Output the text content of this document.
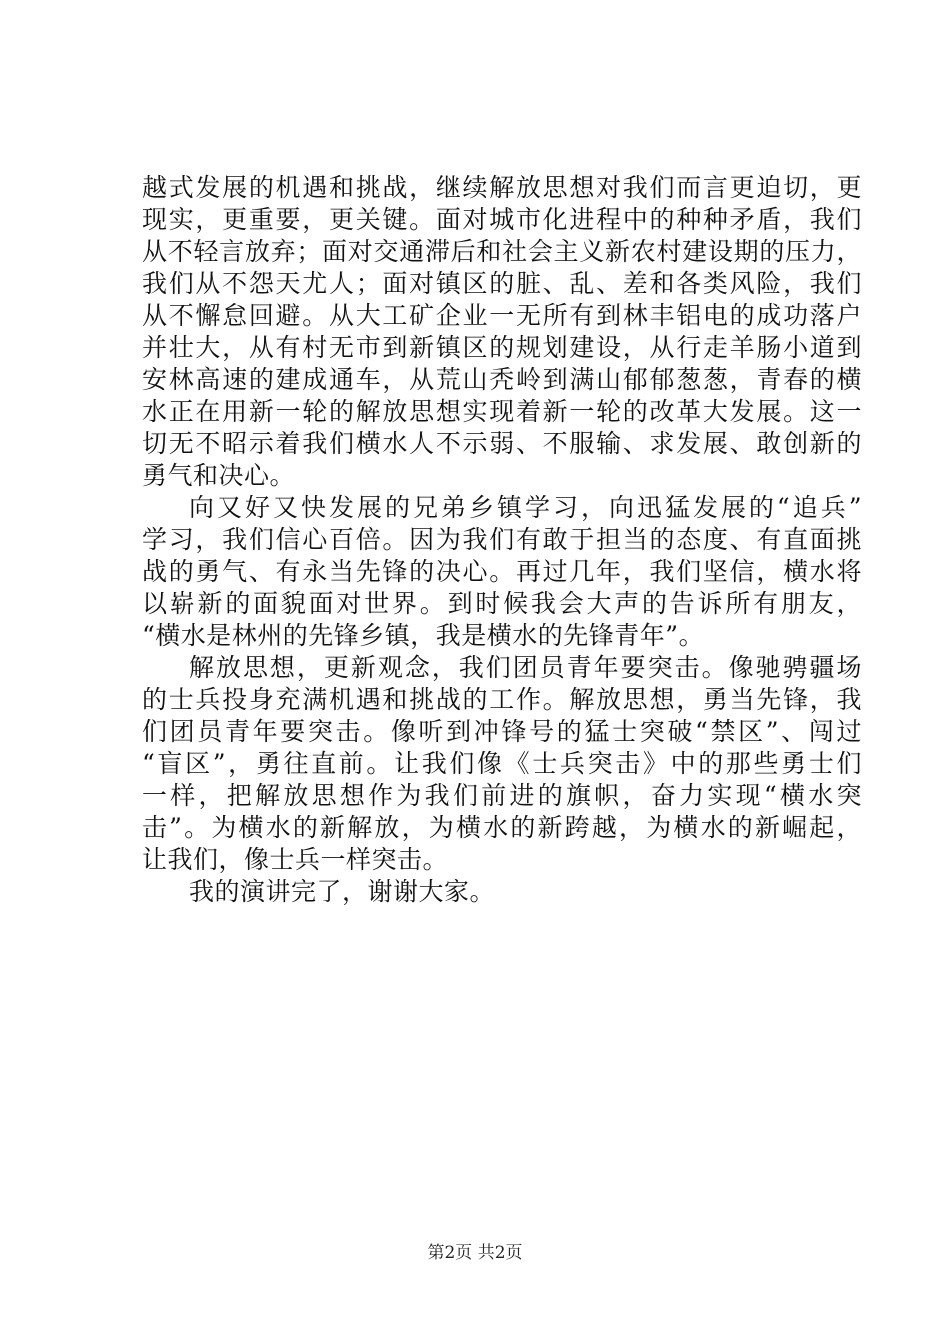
越式发展的机遇和挑战，继续解放思想对我们而言更迫切，更
现实，更重要，更关键。面对城市化进程中的种种矛盾，我们
从不轻言放弃；面对交通滞后和社会主义新农村建设期的压力，
我们从不怨天尤人；面对镇区的脏、乱、差和各类风险，我们
从不懈怠回避。从大工矿企业一无所有到林丰铝电的成功落户
并壮大，从有村无市到新镇区的规划建设，从行走羊肠小道到
安林高速的建成通车，从荒山秃岭到满山郁郁葱葱，青春的横
水正在用新一轮的解放思想实现着新一轮的改革大发展。这一
切无不昭示着我们横水人不示弱、不服输、求发展、敢创新的
勇气和决心。
向又好又快发展的兄弟乡镇学习，向迅猛发展的“追兵”
学习，我们信心百倍。因为我们有敢于担当的态度、有直面挑
战的勇气、有永当先锋的决心。再过几年，我们坚信，横水将
以崭新的面貌面对世界。到时候我会大声的告诉所有朋友，
“横水是林州的先锋乡镇，我是横水的先锋青年”。
解放思想，更新观念，我们团员青年要突击。像驰骋疆场
的士兵投身充满机遇和挑战的工作。解放思想，勇当先锋，我
们团员青年要突击。像听到冲锋号的猛士突破“禁区”、闯过
“盲区”，勇往直前。让我们像《士兵突击》中的那些勇士们
一样，把解放思想作为我们前进的旗帜，奋力实现“横水突
击”。为横水的新解放，为横水的新跨越，为横水的新崛起，
让我们，像士兵一样突击。
我的演讲完了，谢谢大家。
第2页 共2页
